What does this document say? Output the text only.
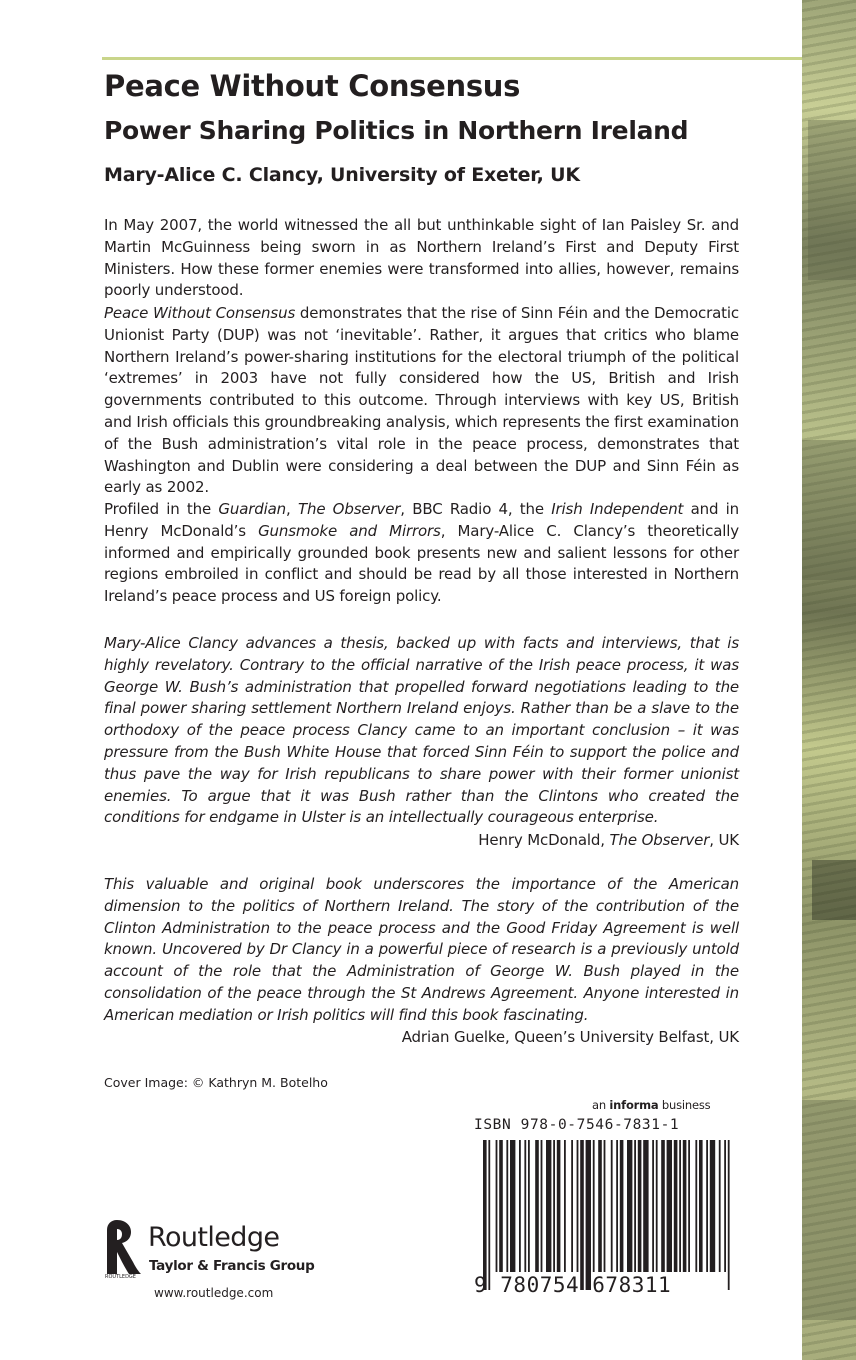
Peace Without Consensus
Power Sharing Politics in Northern Ireland
Mary-Alice C. Clancy, University of Exeter, UK

In May 2007, the world witnessed the all but unthinkable sight of Ian Paisley Sr. and Martin McGuinness being sworn in as Northern Ireland’s First and Deputy First Ministers. How these former enemies were transformed into allies, however, remains poorly understood.

Peace Without Consensus demonstrates that the rise of Sinn Féin and the Democratic Unionist Party (DUP) was not ‘inevitable’. Rather, it argues that critics who blame Northern Ireland’s power-sharing institutions for the electoral triumph of the political ‘extremes’ in 2003 have not fully considered how the US, British and Irish governments contributed to this outcome. Through interviews with key US, British and Irish officials this groundbreaking analysis, which represents the first examination of the Bush administration’s vital role in the peace process, demonstrates that Washington and Dublin were considering a deal between the DUP and Sinn Féin as early as 2002.

Profiled in the Guardian, The Observer, BBC Radio 4, the Irish Independent and in Henry McDonald’s Gunsmoke and Mirrors, Mary-Alice C. Clancy’s theoretically informed and empirically grounded book presents new and salient lessons for other regions embroiled in conflict and should be read by all those interested in Northern Ireland’s peace process and US foreign policy.

Mary-Alice Clancy advances a thesis, backed up with facts and interviews, that is highly revelatory. Contrary to the official narrative of the Irish peace process, it was George W. Bush’s administration that propelled forward negotiations leading to the final power sharing settlement Northern Ireland enjoys. Rather than be a slave to the orthodoxy of the peace process Clancy came to an important conclusion – it was pressure from the Bush White House that forced Sinn Féin to support the police and thus pave the way for Irish republicans to share power with their former unionist enemies. To argue that it was Bush rather than the Clintons who created the conditions for endgame in Ulster is an intellectually courageous enterprise.

Henry McDonald, The Observer, UK

This valuable and original book underscores the importance of the American dimension to the politics of Northern Ireland. The story of the contribution of the Clinton Administration to the peace process and the Good Friday Agreement is well known. Uncovered by Dr Clancy in a powerful piece of research is a previously untold account of the role that the Administration of George W. Bush played in the consolidation of the peace through the St Andrews Agreement. Anyone interested in American mediation or Irish politics will find this book fascinating.

Adrian Guelke, Queen’s University Belfast, UK

Cover Image: © Kathryn M. Botelho

an informa business
ISBN 978-0-7546-7831-1
9 780754 678311
ROUTLEDGE
Routledge
Taylor & Francis Group
www.routledge.com
